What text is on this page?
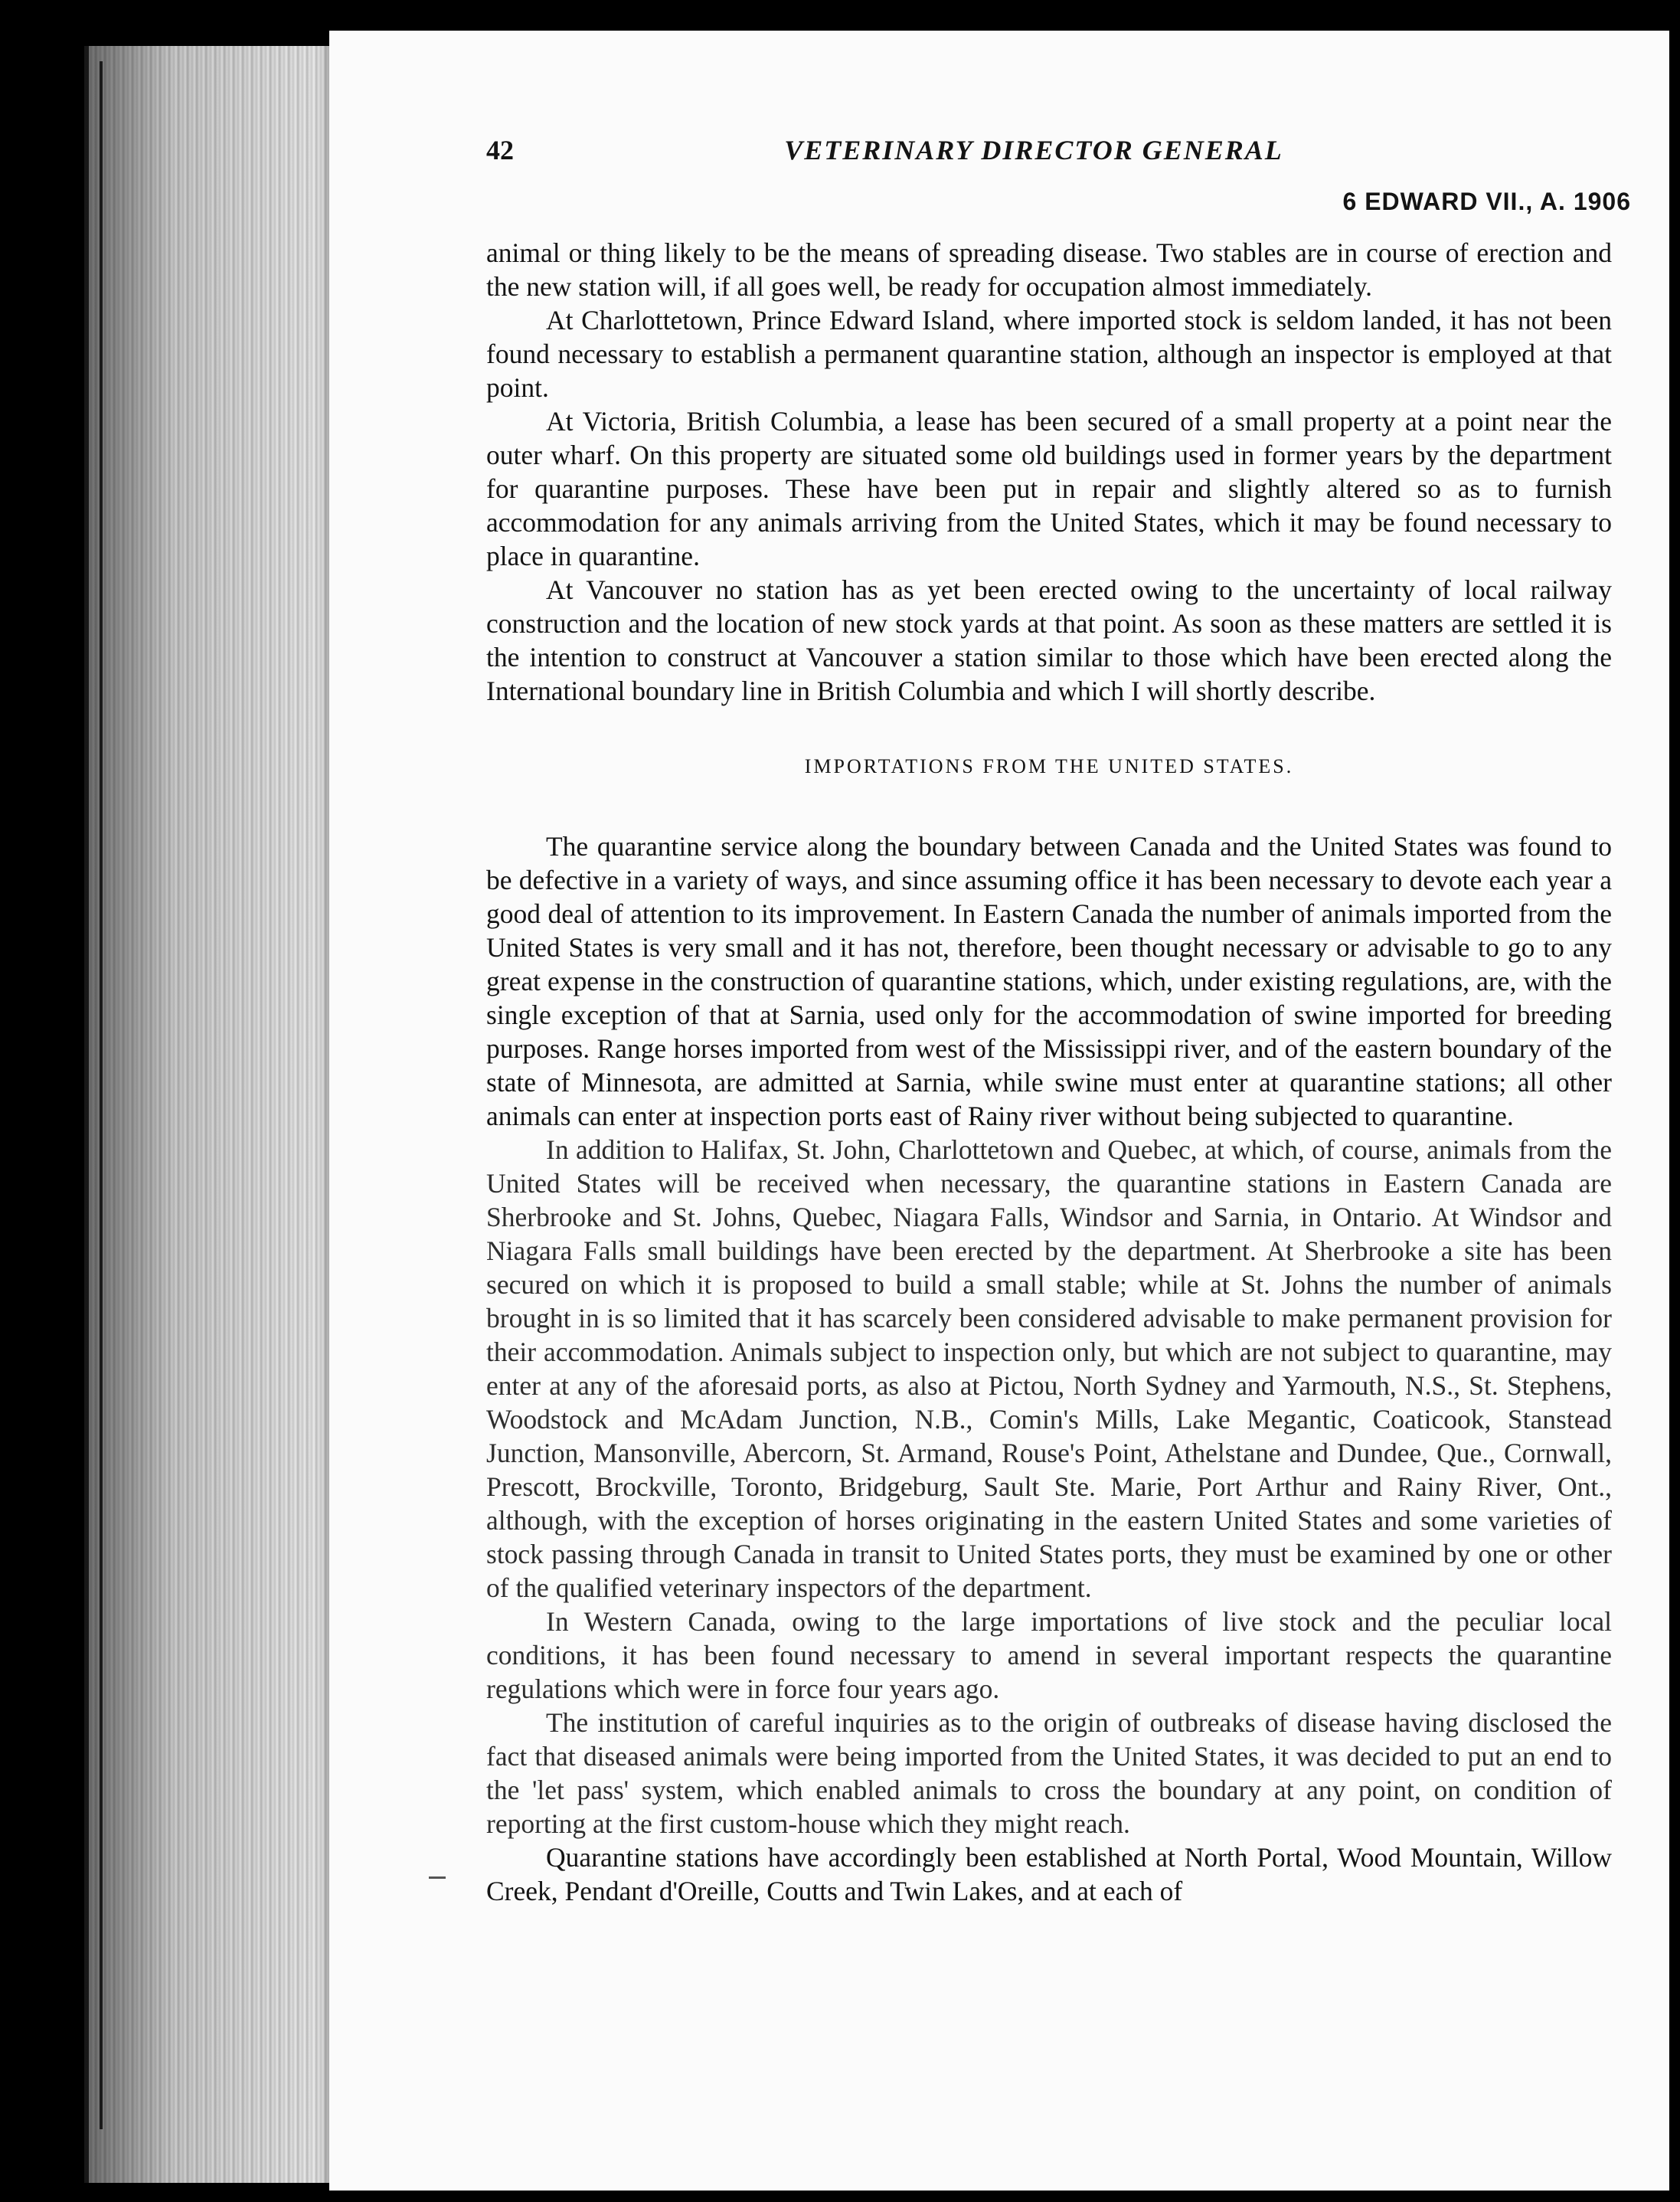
42	VETERINARY DIRECTOR GENERAL
6 EDWARD VII., A. 1906

animal or thing likely to be the means of spreading disease. Two stables are in course of erection and the new station will, if all goes well, be ready for occupation almost immediately.

At Charlottetown, Prince Edward Island, where imported stock is seldom landed, it has not been found necessary to establish a permanent quarantine station, although an inspector is employed at that point.

At Victoria, British Columbia, a lease has been secured of a small property at a point near the outer wharf. On this property are situated some old buildings used in former years by the department for quarantine purposes. These have been put in repair and slightly altered so as to furnish accommodation for any animals arriving from the United States, which it may be found necessary to place in quarantine.

At Vancouver no station has as yet been erected owing to the uncertainty of local railway construction and the location of new stock yards at that point. As soon as these matters are settled it is the intention to construct at Vancouver a station similar to those which have been erected along the International boundary line in British Columbia and which I will shortly describe.

IMPORTATIONS FROM THE UNITED STATES.

The quarantine service along the boundary between Canada and the United States was found to be defective in a variety of ways, and since assuming office it has been necessary to devote each year a good deal of attention to its improvement. In Eastern Canada the number of animals imported from the United States is very small and it has not, therefore, been thought necessary or advisable to go to any great expense in the construction of quarantine stations, which, under existing regulations, are, with the single exception of that at Sarnia, used only for the accommodation of swine imported for breeding purposes. Range horses imported from west of the Mississippi river, and of the eastern boundary of the state of Minnesota, are admitted at Sarnia, while swine must enter at quarantine stations; all other animals can enter at inspection ports east of Rainy river without being subjected to quarantine.

In addition to Halifax, St. John, Charlottetown and Quebec, at which, of course, animals from the United States will be received when necessary, the quarantine stations in Eastern Canada are Sherbrooke and St. Johns, Quebec, Niagara Falls, Windsor and Sarnia, in Ontario. At Windsor and Niagara Falls small buildings have been erected by the department. At Sherbrooke a site has been secured on which it is proposed to build a small stable; while at St. Johns the number of animals brought in is so limited that it has scarcely been considered advisable to make permanent provision for their accommodation. Animals subject to inspection only, but which are not subject to quarantine, may enter at any of the aforesaid ports, as also at Pictou, North Sydney and Yarmouth, N.S., St. Stephens, Woodstock and McAdam Junction, N.B., Comin's Mills, Lake Megantic, Coaticook, Stanstead Junction, Mansonville, Abercorn, St. Armand, Rouse's Point, Athelstane and Dundee, Que., Cornwall, Prescott, Brockville, Toronto, Bridgeburg, Sault Ste. Marie, Port Arthur and Rainy River, Ont., although, with the exception of horses originating in the eastern United States and some varieties of stock passing through Canada in transit to United States ports, they must be examined by one or other of the qualified veterinary inspectors of the department.

In Western Canada, owing to the large importations of live stock and the peculiar local conditions, it has been found necessary to amend in several important respects the quarantine regulations which were in force four years ago.

The institution of careful inquiries as to the origin of outbreaks of disease having disclosed the fact that diseased animals were being imported from the United States, it was decided to put an end to the 'let pass' system, which enabled animals to cross the boundary at any point, on condition of reporting at the first custom-house which they might reach.

Quarantine stations have accordingly been established at North Portal, Wood Mountain, Willow Creek, Pendant d'Oreille, Coutts and Twin Lakes, and at each of
